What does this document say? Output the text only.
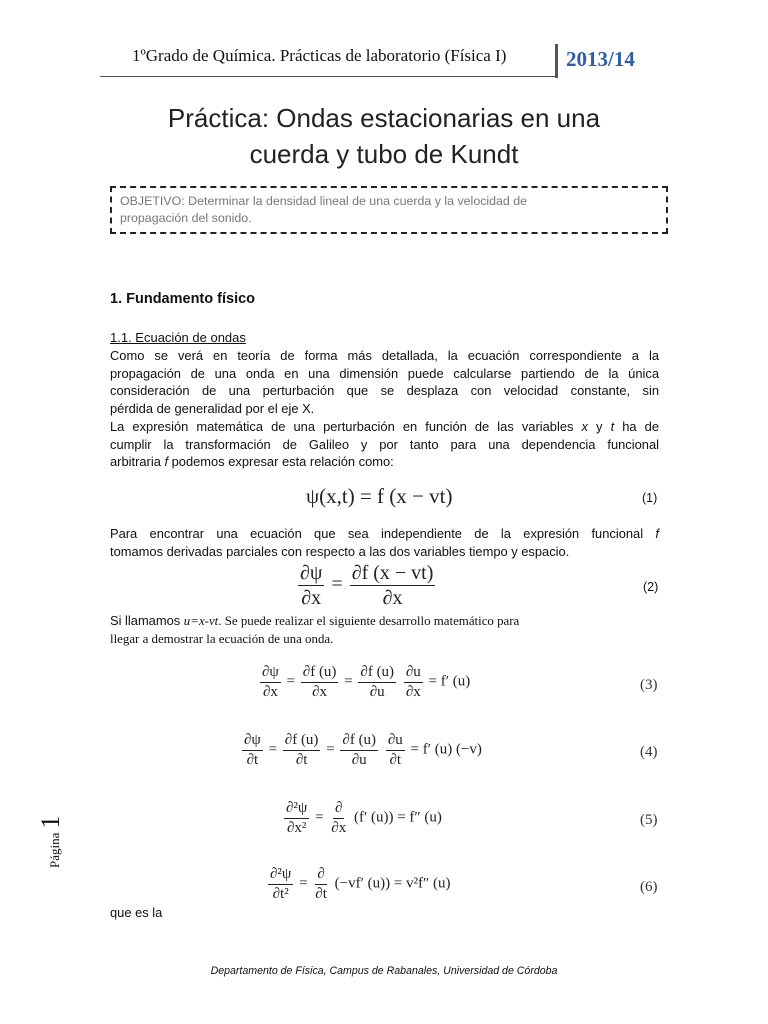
1ºGrado de Química. Prácticas de laboratorio (Física I)	2013/14
Práctica: Ondas estacionarias en una
cuerda y tubo de Kundt
OBJETIVO: Determinar la densidad lineal de una cuerda y la velocidad de
propagación del sonido.
1. Fundamento físico
1.1. Ecuación de ondas
Como se verá en teoría de forma más detallada, la ecuación correspondiente a la
propagación de una onda en una dimensión puede calcularse partiendo de la única
consideración de una perturbación que se desplaza con velocidad constante, sin
pérdida de generalidad por el eje X.
La expresión matemática de una perturbación en función de las variables x y t ha de
cumplir la transformación de Galileo y por tanto para una dependencia funcional
arbitraria f podemos expresar esta relación como:
ψ(x,t) = f (x − vt)	(1)
Para encontrar una ecuación que sea independiente de la expresión funcional f
tomamos derivadas parciales con respecto a las dos variables tiempo y espacio.
$\frac{\partial\psi}{\partial x} = \frac{\partial f (x - vt)}{\partial x}$	(2)
Si llamamos u=x-vt. Se puede realizar el siguiente desarrollo matemático para
llegar a demostrar la ecuación de una onda.
$\frac{\partial\psi}{\partial x} = \frac{\partial f (u)}{\partial x} = \frac{\partial f (u)}{\partial u}$
$\frac{\partial u}{\partial x} = f'$ (u)	(3)
$\frac{\partial\psi}{\partial t} = \frac{\partial f (u)}{\partial t} = \frac{\partial f (u)}{\partial u}$
$\frac{\partial u}{\partial t} = f'$ (u) (−v)	(4)
$\frac{\text{∂²ψ}}{\text{∂x²}} = \frac{\partial}{\partial x} (f'$ (u)) = f″ (u)	(5)
$\frac{\text{∂²ψ}}{\text{∂t²}} = \frac{\partial}{\partial t} (-vf'$ (u)) = v²f″ (u)	(6)
que es la
Página 1
Departamento de Física, Campus de Rabanales, Universidad de Córdoba
